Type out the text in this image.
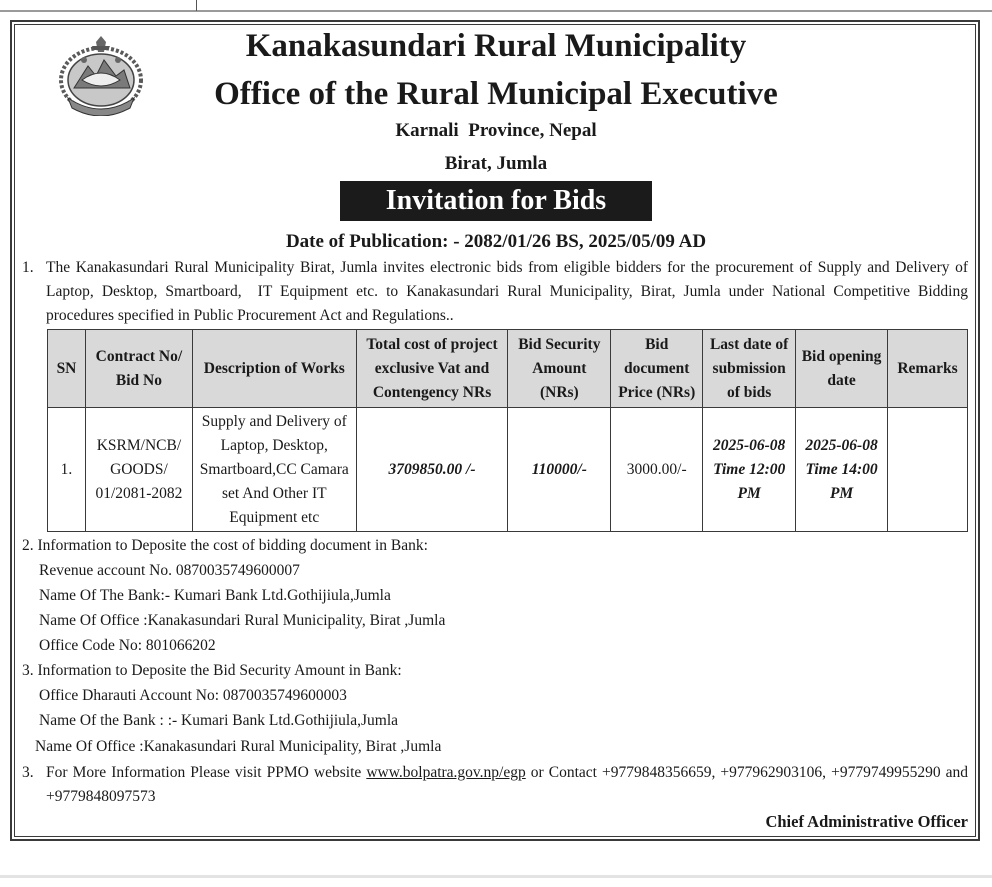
Kanakasundari Rural Municipality
Office of the Rural Municipal Executive
Karnali  Province, Nepal
Birat, Jumla
Invitation for Bids
Date of Publication: - 2082/01/26 BS, 2025/05/09 AD
1. The Kanakasundari Rural Municipality Birat, Jumla invites electronic bids from eligible bidders for the procurement of Supply and Delivery of Laptop, Desktop, Smartboard,  IT Equipment etc. to Kanakasundari Rural Municipality, Birat, Jumla under National Competitive Bidding procedures specified in Public Procurement Act and Regulations..
SN	Contract No/ Bid No	Description of Works	Total cost of project exclusive Vat and Contengency NRs	Bid Security Amount (NRs)	Bid document Price (NRs)	Last date of submission of bids	Bid opening date	Remarks
1.	KSRM/NCB/ GOODS/ 01/2081-2082	Supply and Delivery of Laptop, Desktop, Smartboard,CC Camara set And Other IT Equipment etc	3709850.00 /-	110000/-	3000.00/-	2025-06-08 Time 12:00 PM	2025-06-08 Time 14:00 PM	
2. Information to Deposite the cost of bidding document in Bank:
Revenue account No. 0870035749600007
Name Of The Bank:- Kumari Bank Ltd.Gothijiula,Jumla
Name Of Office :Kanakasundari Rural Municipality, Birat ,Jumla
Office Code No: 801066202
3. Information to Deposite the Bid Security Amount in Bank:
Office Dharauti Account No: 0870035749600003
Name Of the Bank : :- Kumari Bank Ltd.Gothijiula,Jumla
Name Of Office :Kanakasundari Rural Municipality, Birat ,Jumla
3. For More Information Please visit PPMO website www.bolpatra.gov.np/egp or Contact +9779848356659, +977962903106, +9779749955290 and +9779848097573
Chief Administrative Officer
